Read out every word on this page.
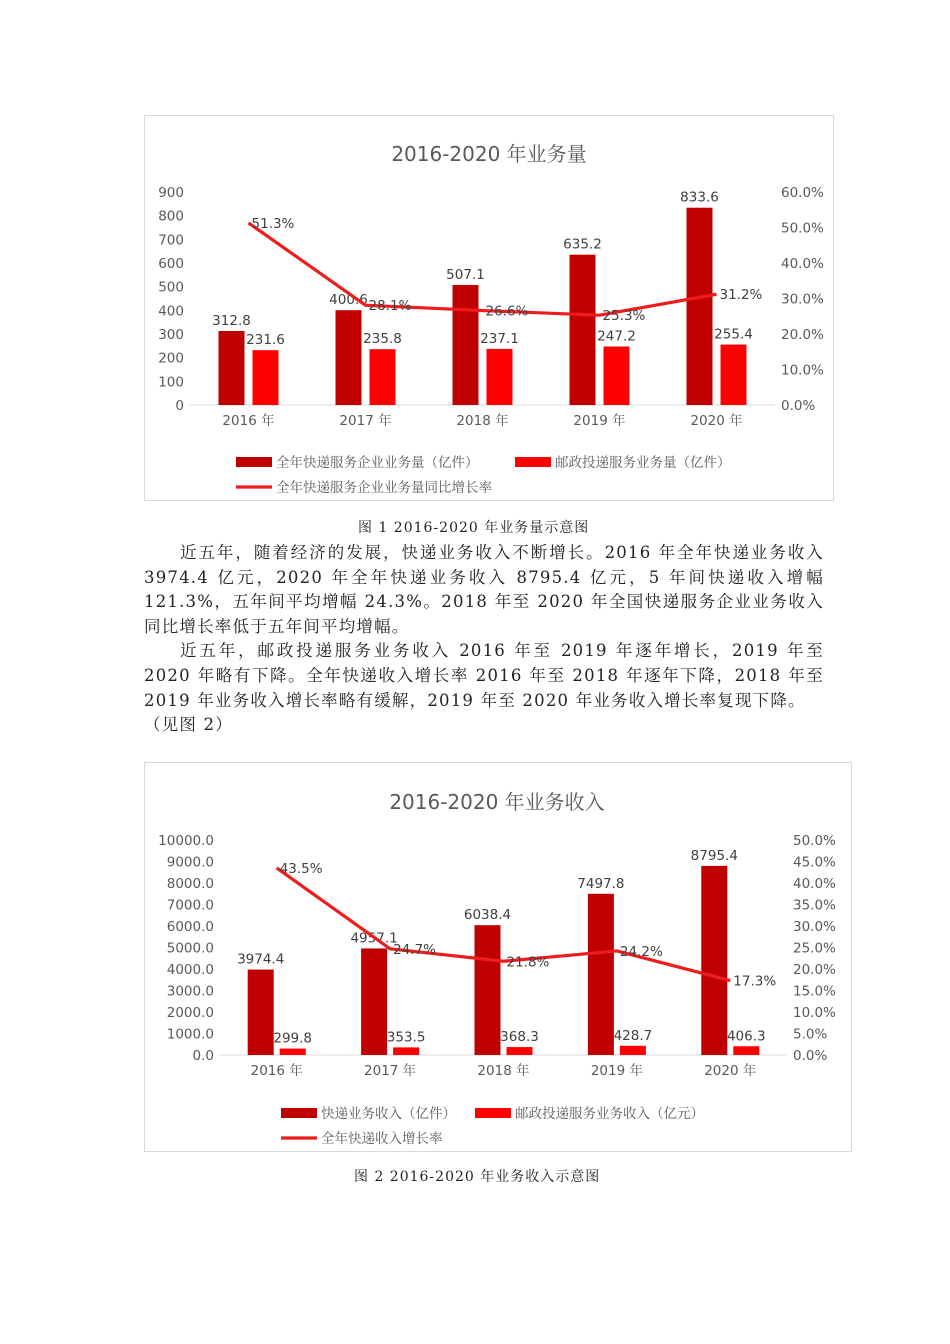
2016-2020 年业务量
0
100
200
300
400
500
600
700
800
900
0.0%
10.0%
20.0%
30.0%
40.0%
50.0%
60.0%
2016 年
312.8
231.6
2017 年
400.6
235.8
2018 年
507.1
237.1
2019 年
635.2
247.2
2020 年
833.6
255.4
51.3%
28.1%	26.6%	25.3%
31.2%
全年快递服务企业业务量（亿件）	邮政投递服务业务量（亿件）
全年快递服务企业业务量同比增长率
图 1 2016-2020 年业务量示意图

近五年，随着经济的发展，快递业务收入不断增长。2016 年全年快递业务收入 3974.4 亿元，2020 年全年快递业务收入 8795.4 亿元，5 年间快递收入增幅 121.3%，五年间平均增幅 24.3%。2018 年至 2020 年全国快递服务企业业务收入同比增长率低于五年间平均增幅。

近五年，邮政投递服务业务收入 2016 年至 2019 年逐年增长，2019 年至 2020 年略有下降。全年快递收入增长率 2016 年至 2018 年逐年下降，2018 年至 2019 年业务收入增长率略有缓解，2019 年至 2020 年业务收入增长率复现下降。

（见图 2）

2016-2020 年业务收入
0.0
1000.0
2000.0
3000.0
4000.0
5000.0
6000.0
7000.0
8000.0
9000.0
10000.0
0.0%
5.0%
10.0%
15.0%
20.0%
25.0%
30.0%
35.0%
40.0%
45.0%
50.0%
2016 年
3974.4
299.8
2017 年
4957.1
353.5
2018 年
6038.4
368.3
2019 年
7497.8
428.7
2020 年
8795.4
406.3
43.5%
24.7%
21.8%
24.2%
17.3%
快递业务收入（亿件）	邮政投递服务业务收入（亿元）
全年快递收入增长率
图 2 2016-2020 年业务收入示意图
